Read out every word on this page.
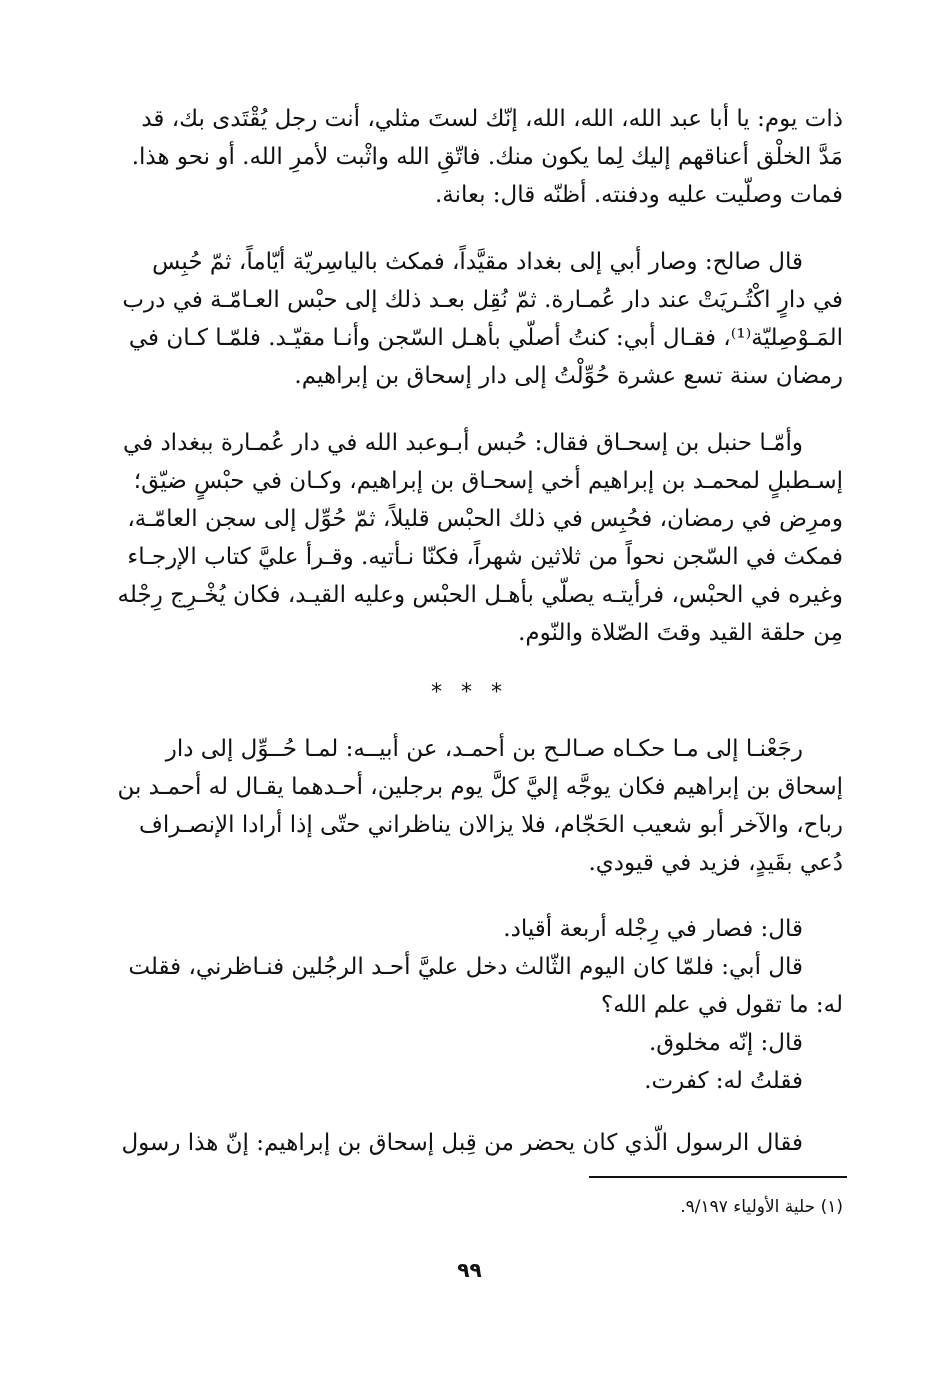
ذات يوم: يا أبا عبد الله، الله، الله، إنّك لستَ مثلي، أنت رجل يُقْتَدى بك، قد
مَدَّ الخلْق أعناقهم إليك لِما يكون منك. فاتّقِ الله واثْبت لأمرِ الله. أو نحو هذا.
فمات وصلّيت عليه ودفنته. أظنّه قال: بعانة.
قال صالح: وصار أبي إلى بغداد مقيَّداً، فمكث بالياسِريّة أيّاماً، ثمّ حُبِس
في دارٍ اكْتُـريَتْ عند دار عُمـارة. ثمّ نُقِل بعـد ذلك إلى حبْس العـامّـة في درب
المَـوْصِليّة⁽¹⁾، فقـال أبي: كنتُ أصلّي بأهـل السّجن وأنـا مقيّـد. فلمّـا كـان في
رمضان سنة تسع عشرة حُوِّلْتُ إلى دار إسحاق بن إبراهيم.
وأمّـا حنبل بن إسحـاق فقال: حُبس أبـوعبد الله في دار عُمـارة ببغداد في
إسـطبلٍ لمحمـد بن إبراهيم أخي إسحـاق بن إبراهيم، وكـان في حبْسٍ ضيّق؛
ومرِض في رمضان، فحُبِس في ذلك الحبْس قليلاً، ثمّ حُوِّل إلى سجن العامّـة،
فمكث في السّجن نحواً من ثلاثين شهراً، فكنّا نـأتيه. وقـرأ عليَّ كتاب الإرجـاء
وغيره في الحبْس، فرأيتـه يصلّي بأهـل الحبْس وعليه القيـد، فكان يُخْـرِج رِجْله
مِن حلقة القيد وقتَ الصّلاة والنّوم.
* * *
رجَعْنـا إلى مـا حكـاه صـالـح بن أحمـد، عن أبيــه: لمـا حُــوِّل إلى دار
إسحاق بن إبراهيم فكان يوجَّه إليَّ كلَّ يوم برجلين، أحـدهما يقـال له أحمـد بن
رباح، والآخر أبو شعيب الحَجّام، فلا يزالان يناظراني حتّى إذا أرادا الإنصـراف
دُعي بقَيدٍ، فزيد في قيودي.
قال: فصار في رِجْله أربعة أقياد.
قال أبي: فلمّا كان اليوم الثّالث دخل عليَّ أحـد الرجُلين فنـاظرني، فقلت
له: ما تقول في علم الله؟
قال: إنّه مخلوق.
فقلتُ له: كفرت.
فقال الرسول الّذي كان يحضر من قِبل إسحاق بن إبراهيم: إنّ هذا رسول
(١) حلية الأولياء ٩/١٩٧.
٩٩
